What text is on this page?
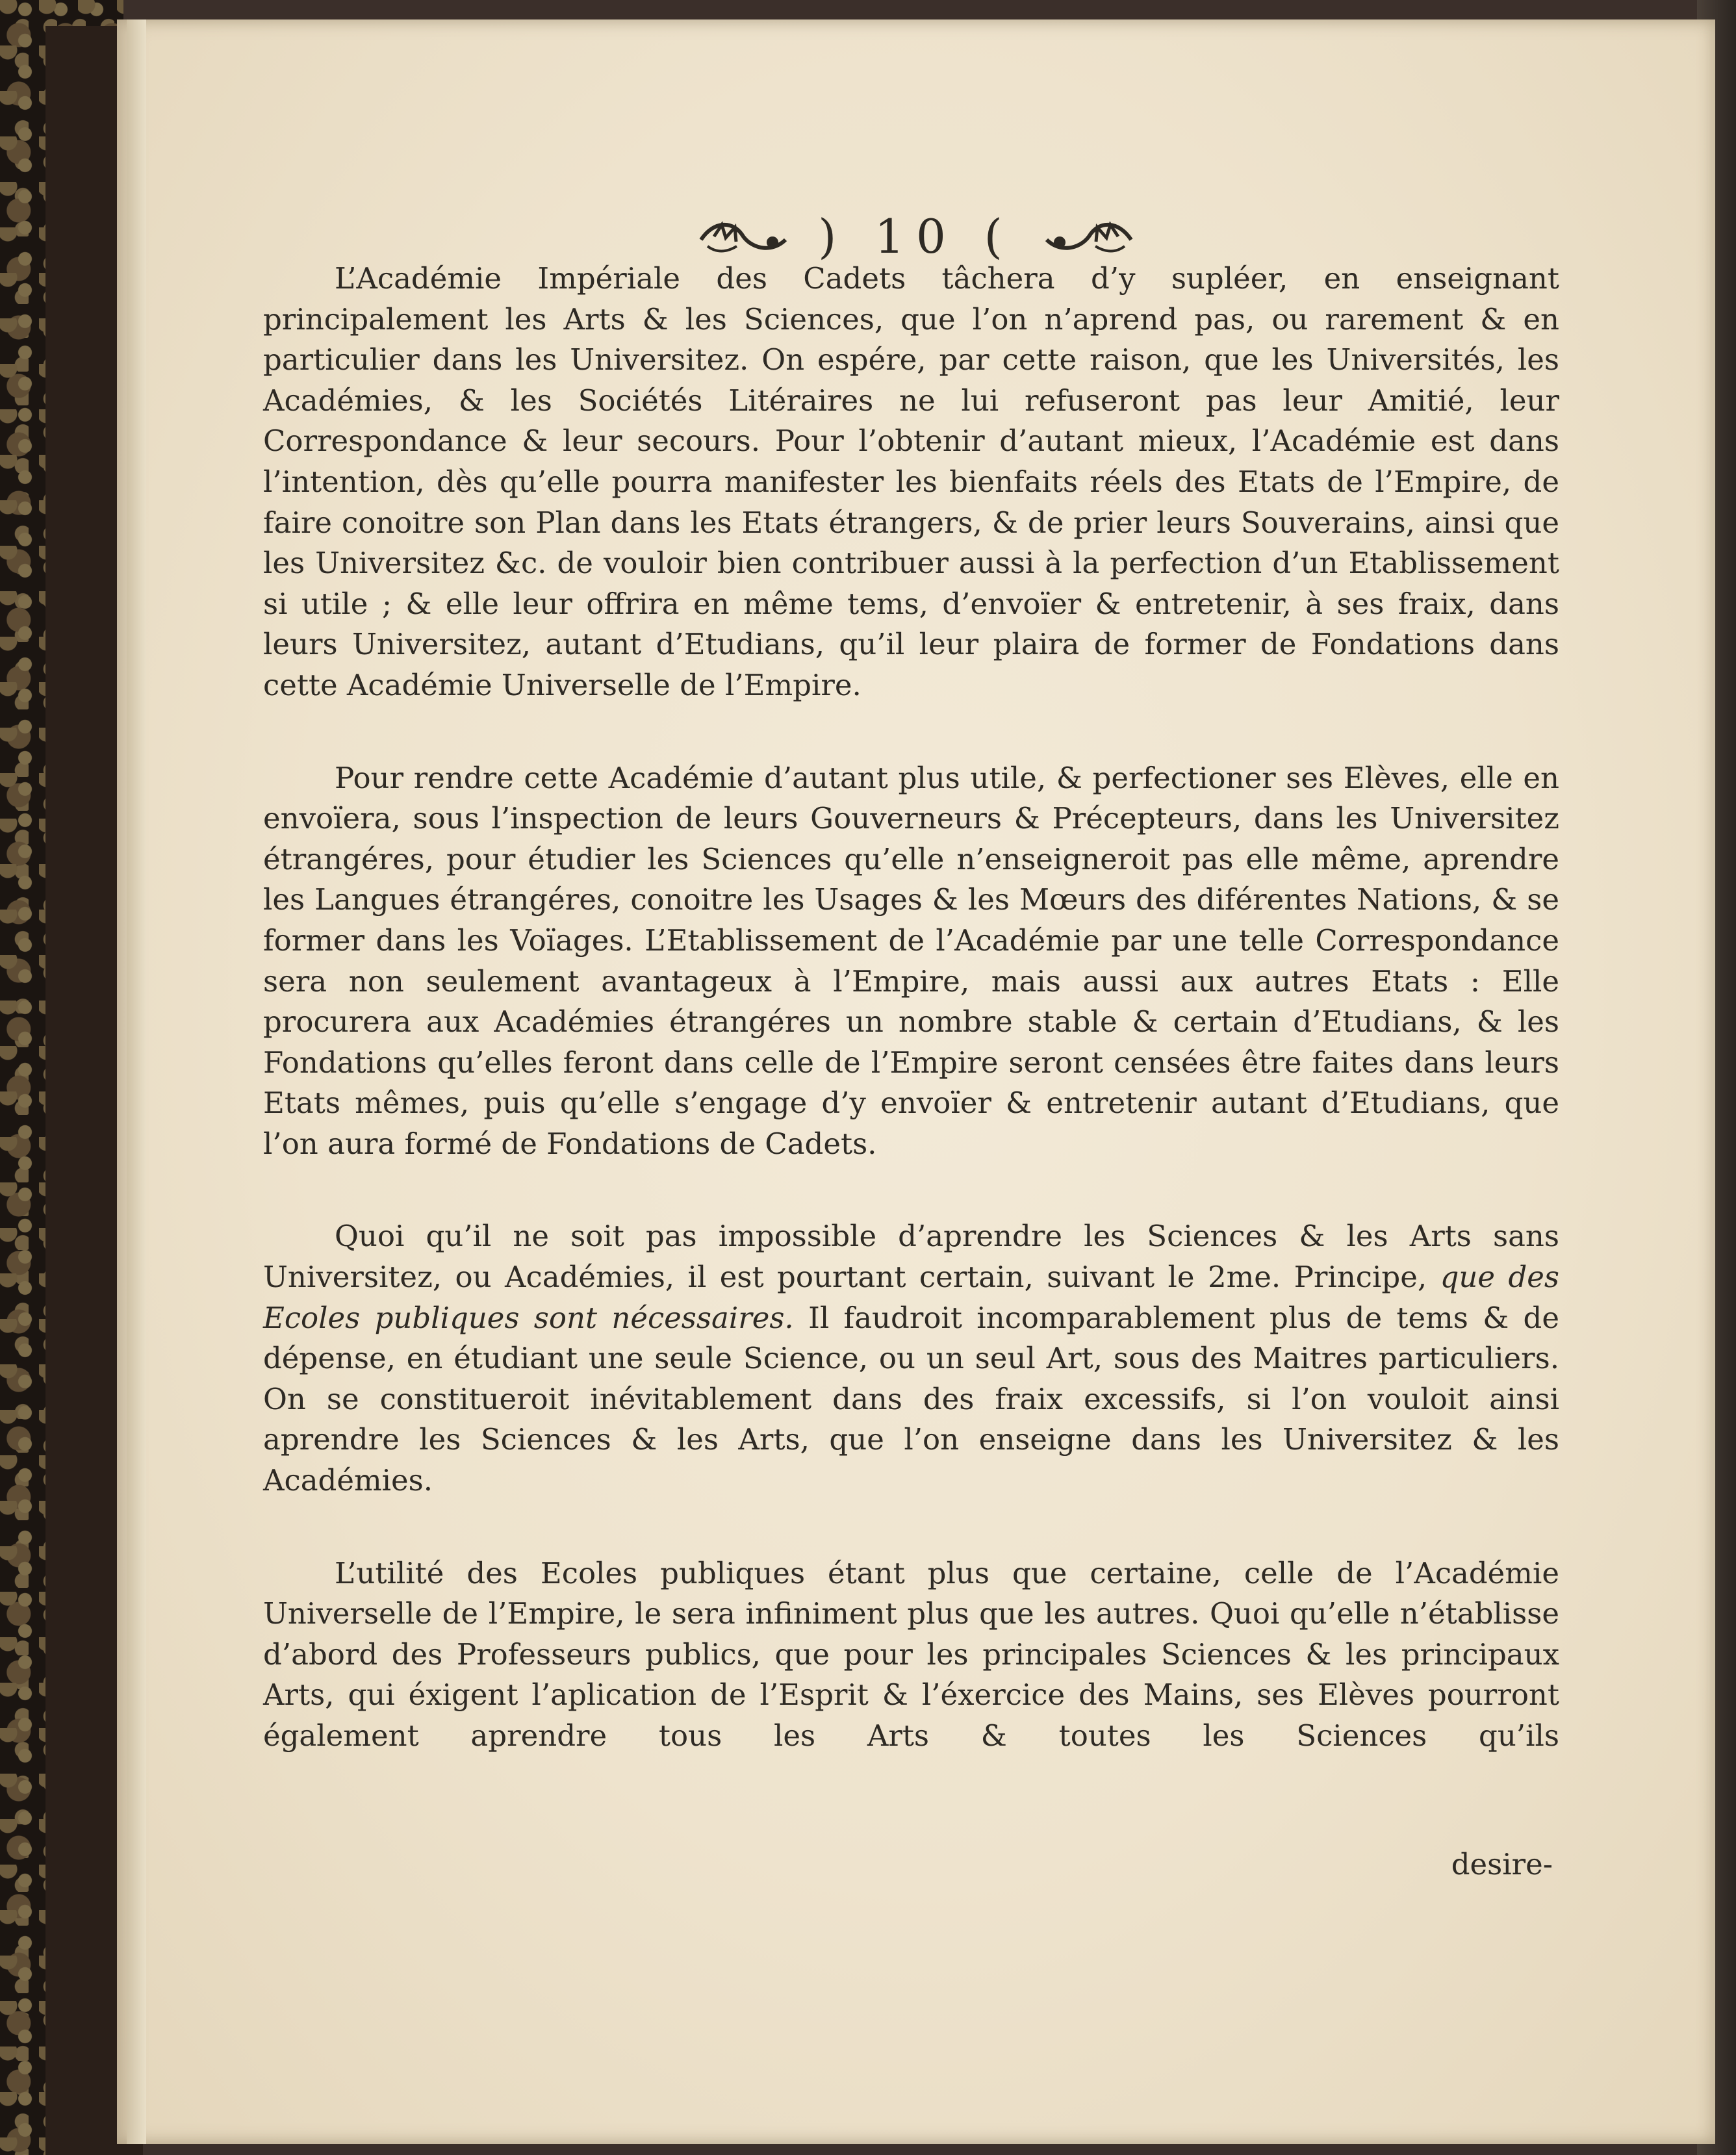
) 10 (

L’Académie Impériale des Cadets tâchera d’y supléer, en enseignant principalement les Arts & les Sciences, que l’on n’aprend pas, ou rarement & en particulier dans les Universitez. On espére, par cette raison, que les Universités, les Académies, & les Sociétés Litéraires ne lui refuseront pas leur Amitié, leur Correspondance & leur secours. Pour l’obtenir d’autant mieux, l’Académie est dans l’intention, dès qu’elle pourra manifester les bienfaits réels des Etats de l’Empire, de faire conoitre son Plan dans les Etats étrangers, & de prier leurs Souverains, ainsi que les Universitez &c. de vouloir bien contribuer aussi à la perfection d’un Etablissement si utile ; & elle leur offrira en même tems, d’envoïer & entretenir, à ses fraix, dans leurs Universitez, autant d’Etudians, qu’il leur plaira de former de Fondations dans cette Académie Universelle de l’Empire.

Pour rendre cette Académie d’autant plus utile, & perfectioner ses Elèves, elle en envoïera, sous l’inspection de leurs Gouverneurs & Précepteurs, dans les Universitez étrangéres, pour étudier les Sciences qu’elle n’enseigneroit pas elle même, aprendre les Langues étrangéres, conoitre les Usages & les Mœurs des diférentes Nations, & se former dans les Voïages. L’Etablissement de l’Académie par une telle Correspondance sera non seulement avantageux à l’Empire, mais aussi aux autres Etats : Elle procurera aux Académies étrangéres un nombre stable & certain d’Etudians, & les Fondations qu’elles feront dans celle de l’Empire seront censées être faites dans leurs Etats mêmes, puis qu’elle s’engage d’y envoïer & entretenir autant d’Etudians, que l’on aura formé de Fondations de Cadets.

Quoi qu’il ne soit pas impossible d’aprendre les Sciences & les Arts sans Universitez, ou Académies, il est pourtant certain, suivant le 2me. Principe, que des Ecoles publiques sont nécessaires. Il faudroit incomparablement plus de tems & de dépense, en étudiant une seule Science, ou un seul Art, sous des Maitres particuliers. On se constitueroit inévitablement dans des fraix excessifs, si l’on vouloit ainsi aprendre les Sciences & les Arts, que l’on enseigne dans les Universitez & les Académies.

L’utilité des Ecoles publiques étant plus que certaine, celle de l’Académie Universelle de l’Empire, le sera infiniment plus que les autres. Quoi qu’elle n’établisse d’abord des Professeurs publics, que pour les principales Sciences & les principaux Arts, qui éxigent l’aplication de l’Esprit & l’éxercice des Mains, ses Elèves pourront également aprendre tous les Arts & toutes les Sciences qu’ils

desire-
